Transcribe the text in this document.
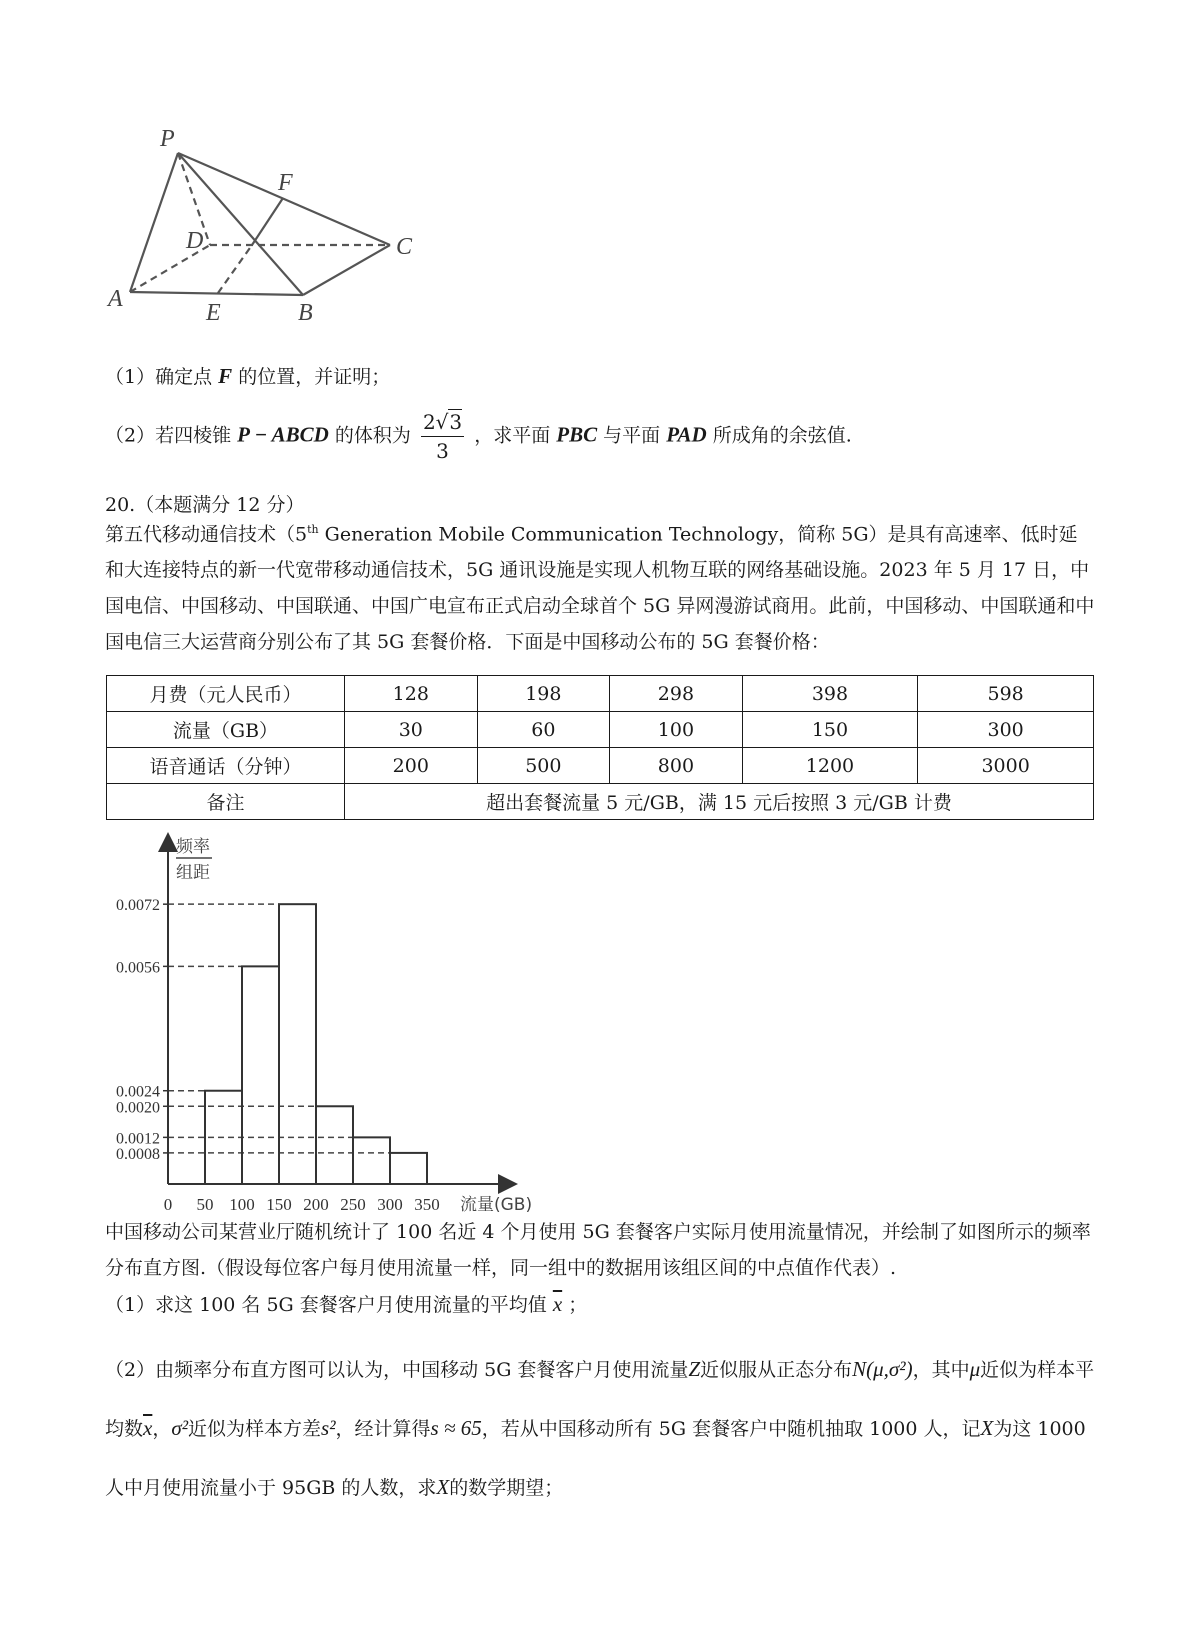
P
F
D	C
A
E	B
（1）确定点 F 的位置，并证明；
（2）若四棱锥 P − ABCD 的体积为 $\frac{2√3}{3}$ ，求平面 PBC 与平面 PAD 所成角的余弦值.
20.（本题满分 12 分）
第五代移动通信技术（5th Generation Mobile Communication Technology，简称 5G）是具有高速率、低时延和大连接特点的新一代宽带移动通信技术，5G 通讯设施是实现人机物互联的网络基础设施。2023 年 5 月 17 日，中国电信、中国移动、中国联通、中国广电宣布正式启动全球首个 5G 异网漫游试商用。此前，中国移动、中国联通和中国电信三大运营商分别公布了其 5G 套餐价格．下面是中国移动公布的 5G 套餐价格：
月费（元人民币）	128	198	298	398	598
流量（GB）	30	60	100	150	300
语音通话（分钟）	200	500	800	1200	3000
备注	超出套餐流量 5 元/GB，满 15 元后按照 3 元/GB 计费				
0.0072
0.0056
0.0024
0.0020
0.0012
0.0008
0 50 100 150 200 250 300 350
频率
组距
流量(GB)
中国移动公司某营业厅随机统计了 100 名近 4 个月使用 5G 套餐客户实际月使用流量情况，并绘制了如图所示的频率分布直方图.（假设每位客户每月使用流量一样，同一组中的数据用该组区间的中点值作代表）.
（1）求这 100 名 5G 套餐客户月使用流量的平均值 $\overline{x}$ ；
（2）由频率分布直方图可以认为，中国移动 5G 套餐客户月使用流量Z近似服从正态分布N(μ,σ²)，其中μ近似为样本平均数$\overline{x}$，σ²近似为样本方差s²，经计算得s ≈ 65，若从中国移动所有 5G 套餐客户中随机抽取 1000 人，记X为这 1000 人中月使用流量小于 95GB 的人数，求X的数学期望；
